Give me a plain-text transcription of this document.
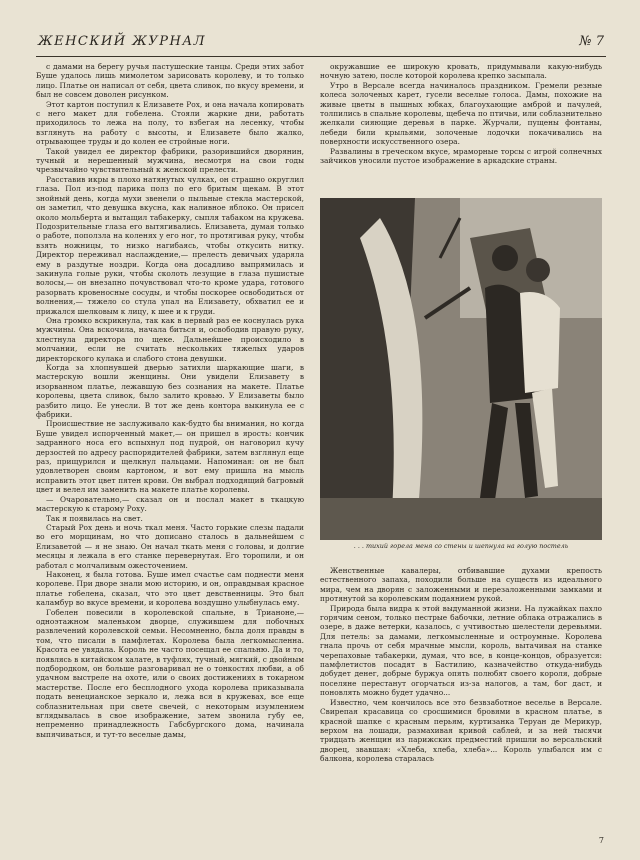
ЖЕНСКИЙ ЖУРНАЛ	№ 7

с дамами на берегу ручья пастушеские танцы. Среди этих забот Буше удалось лишь мимолетом зарисовать королеву, и то только лицо. Платье он написал от себя, цвета сливок, по вкусу времени, и был не совсем доволен рисунком.

Этот картон поступил к Елизавете Рох, и она начала копировать с него макет для гобелена. Стояли жаркие дни, работать приходилось то лежа на полу, то взбегая на лесенку, чтобы взглянуть на работу с высоты, и Елизавете было жалко, отрывающее труды и до колен ее стройные ноги.

Такой увидел ее директор фабрики, разорившийся дворянин, тучный и нерешенный мужчина, несмотря на свои годы чрезвычайно чувствительный к женской прелести.

Расставив икры в плохо натянутых чулках, он страшно округлил глаза. Пол из-под парика полз по его бритым щекам. В этот знойный день, когда мухи звенели о пыльные стекла мастерской, он заметил, что девушка вкусна, как наливное яблоко. Он присел около мольберта и вытащил табакерку, сыпля табаком на кружева. Подозрительные глаза его вытягивались. Елизавета, думая только о работе, поползла на коленях у его ног, то протягивая руку, чтобы взять ножницы, то низко нагибаясь, чтобы откусить нитку. Директор переживал наслаждение,— прелесть девичьих ударяла ему в раздутые ноздри. Когда она досадливо выпрямилась и закинула голые руки, чтобы сколоть лезущие в глаза пушистые волосы,— он внезапно почувствовал что-то кроме удара, готового разорвать кровеносные сосуды, и чтобы поскорее освободиться от волнения,— тяжело со стула упал на Елизавету, обхватил ее и прижался шелковым к лицу, к шее и к груди.

Она громко вскрикнула, так как в первый раз ее коснулась рука мужчины. Она вскочила, начала биться и, освободив правую руку, хлестнула директора по щеке. Дальнейшее происходило в молчании, если не считать нескольких тяжелых ударов директорского кулака и слабого стона девушки.

Когда за хлопнувшей дверью затихли шаркающие шаги, в мастерскую вошли женщины. Они увидели Елизавету в изорванном платье, лежавшую без сознания на макете. Платье королевы, цвета сливок, было залито кровью. У Елизаветы было разбито лицо. Ее унесли. В тот же день контора выкинула ее с фабрики.

Происшествие не заслуживало как-будто бы внимания, но когда Буше увидел испорченный макет,— он пришел в ярость: кончик задранного носа его вспыхнул под пудрой, он наговорил кучу дерзостей по адресу распорядителей фабрики, затем взглянул еще раз, прищурился и щелкнул пальцами. Напоминая: он не был удовлетворен своим картоном, и вот ему пришла на мысль исправить этот цвет пятен крови. Он выбрал подходящий багровый цвет и велел им заменить на макете платье королевы.

— Очаровательно,— сказал он и послал макет в ткацкую мастерскую к старому Роху.

Так я появилась на свет.

Старый Рох день и ночь ткал меня. Часто горькие слезы падали во его морщинам, но что дописано сталось в дальнейшем с Елизаветой — я не знаю. Он начал ткать меня с головы, и долгие месяцы я лежала в его станке перевернутая. Его торопили, и он работал с молчаливым ожесточением.

Наконец, я была готова. Буше имел счастье сам поднести меня королеве. При дворе знали мою историю, и он, оправдывая красное платье гобелена, сказал, что это цвет девственницы. Это был каламбур во вкусе времени, и королева воздушно улыбнулась ему.

Гобелен повесили в королевской спальне, в Трианоне,— одноэтажном маленьком дворце, служившем для побочных развлечений королевской семьи. Несомненно, была доля правды в том, что писали в памфлетах. Королева была легкомысленна. Красота ее увядала. Король не часто посещал ее спальню. Да и то, появлясь в китайском халате, в туфлях, тучный, мягкий, с двойным подбородком, он больше разговаривал не о тонкостях любви, а об удачном выстреле на охоте, или о своих достижениях в токарном мастерстве. После его бесплодного ухода королева приказывала подать венецианское зеркало и, лежа вся в кружевах, все еще соблазнительная при свете свечей, с некоторым изумлением вглядывалась в свое изображение, затем звонила губу ее, непременно принадлежность Габсбургского дома, начинала выпячиваться, и тут-то веселые дамы,

окружавшие ее широкую кровать, придумывали какую-нибудь ночную затею, после которой королева крепко засыпала.

Утро в Версале всегда начиналось праздником. Гремели резные колеса золоченых карет, гусели веселые голоса. Дамы, похожие на живые цветы в пышных юбках, благоухающие амброй и пачулей, толпились в спальне королевы, щебеча по птичьи, или соблазнительно желкали сияющие деревья в парке. Журчали, пущены фонтаны, лебеди били крыльями, золоченые лодочки покачивались на поверхности искусственного озера.

Развалины в греческом вкусе, мраморные торсы с игрой солнечных зайчиков уносили пустое изображение в аркадские страны.

. . . тихий горела меня со стены и шепнула на голую постель

Женственные кавалеры, отбивавшие духами крепость естественного запаха, походили больше на существ из идеального мира, чем на дворян с заложенными и перезаложенными замками и протянутой за королевским подаянием рукой.

Природа была видра к этой выдуманной жизни. На лужайках пахло горячим сеном, только пестрые бабочки, летние облака отражались в озере, в даже ветерки, казалось, с учтивостью шелестели деревьями. Для петель: за дамами, легкомысленные и остроумные. Королева гнала прочь от себя мрачные мысли, король, вытачивая на станке черепаховые табакерки, думая, что все, в конце-концов, образуется: памфлетистов посадят в Бастилию, казначейство откуда-нибудь добудет денег, добрые буржуа опять полюбят своего короля, добрые поселяне перестанут огорчаться из-за налогов, а там, бог даст, и поновлять можно будет удачно...

Известно, чем кончилось все это безвзаботное веселье в Версале. Свирепая красавица со сросшимися бровями в красном платье, в красной шапке с красным перьям, куртизанка Теруан де Мерикур, верхом на лошади, размахивая кривой саблей, и за ней тысячи тридцать женщин из парижских предместий пришли во версальский дворец, звавшая: «Хлеба, хлеба, хлеба»... Король улыбался им с балкона, королева старалась

7
